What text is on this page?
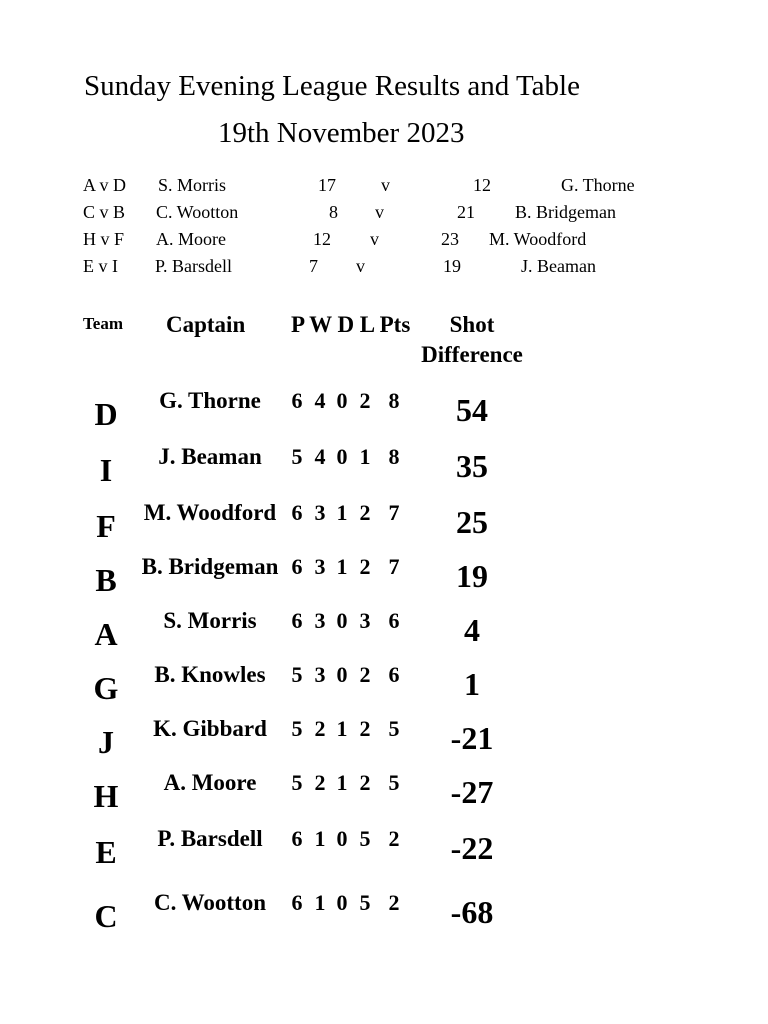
Sunday Evening League Results and Table
19th November 2023
A v D S. Morris	17	v	12	G. Thorne
C v B C. Wootton	8 v	21 B. Bridgeman
H v F A. Moore	12 v	23 M. Woodford
E v I P. Barsdell	7 v	19	J. Beaman
Team Captain P W D L Pts	Shot
Difference
D	G. Thorne	6 4 0 2 8	54
I	J. Beaman	5 4 0 1 8	35
F	M. Woodford 6 3 1 2 7	25
B	B. Bridgeman 6 3 1 2 7	19
A	S. Morris	6 3 0 3 6	4
G	B. Knowles	5 3 0 2 6	1
J	K. Gibbard	5 2 1 2 5	-21
H	A. Moore	5 2 1 2 5	-27
E	P. Barsdell	6 1 0 5 2	-22
C	C. Wootton	6 1 0 5 2	-68
